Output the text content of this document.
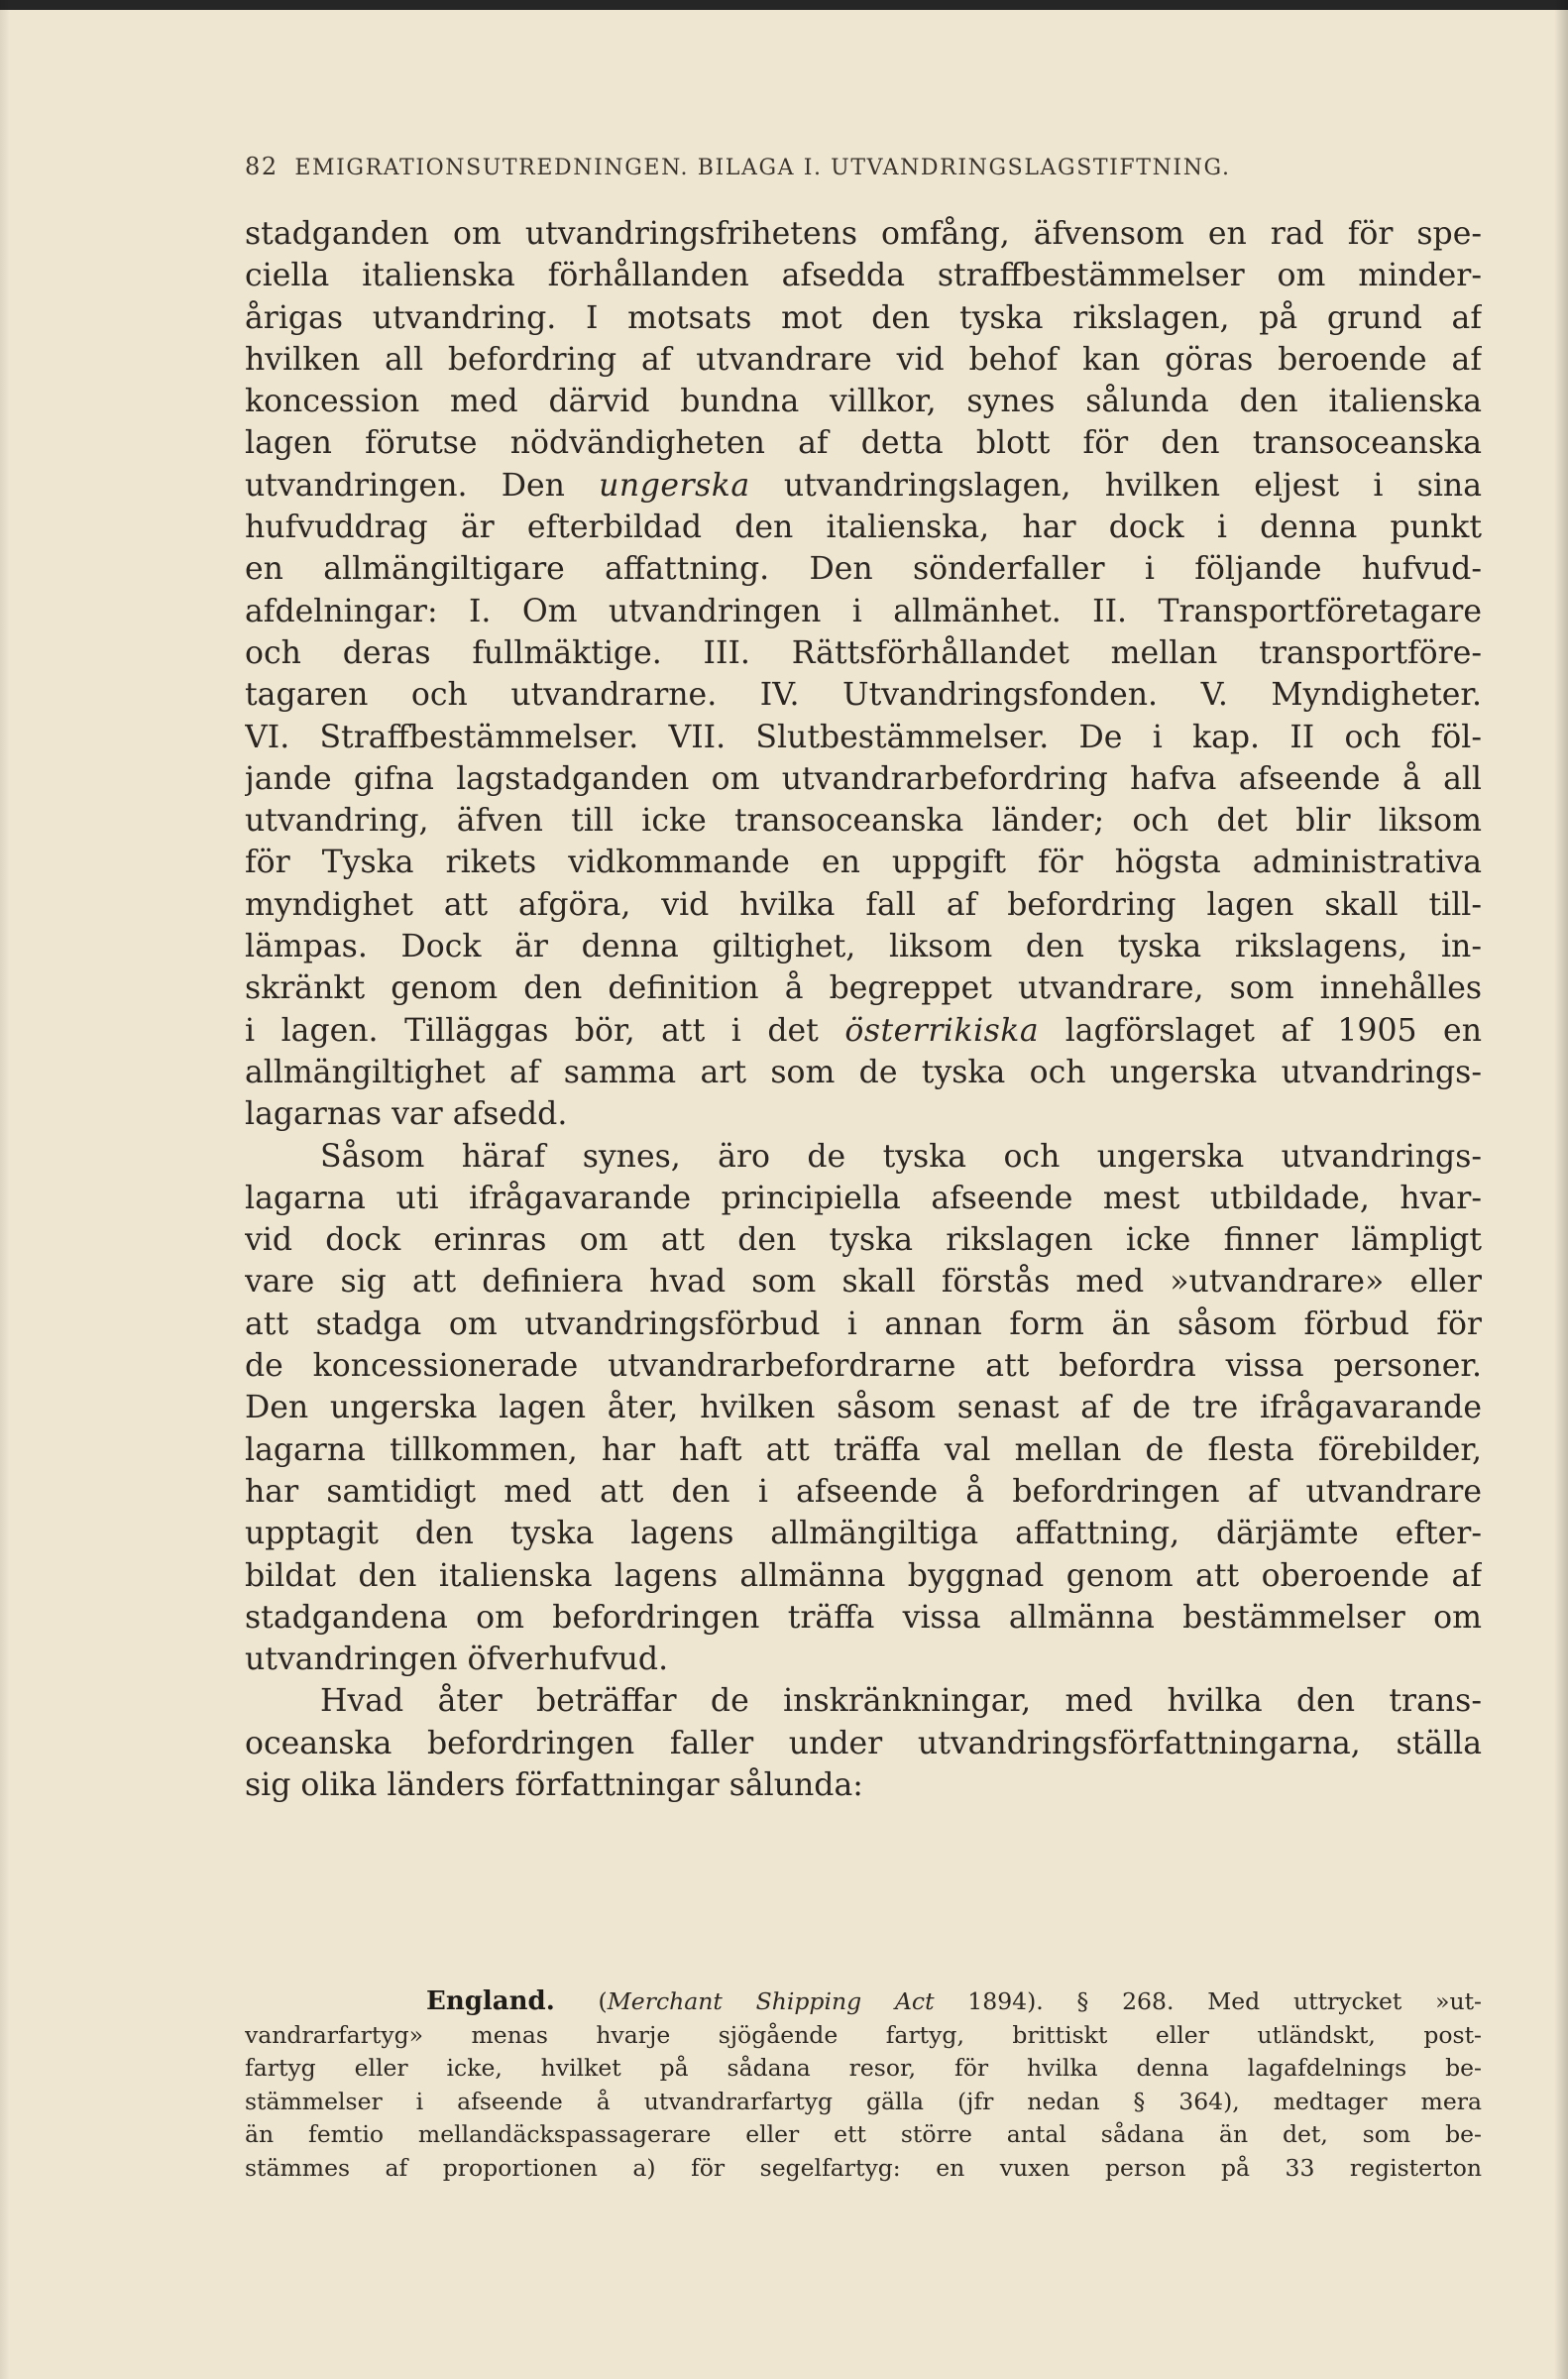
82 EMIGRATIONSUTREDNINGEN. BILAGA I. UTVANDRINGSLAGSTIFTNING.
stadganden om utvandringsfrihetens omfång, äfvensom en rad för spe-
ciella italienska förhållanden afsedda straffbestämmelser om minder-
årigas utvandring. I motsats mot den tyska rikslagen, på grund af
hvilken all befordring af utvandrare vid behof kan göras beroende af
koncession med därvid bundna villkor, synes sålunda den italienska
lagen förutse nödvändigheten af detta blott för den transoceanska
utvandringen. Den ungerska utvandringslagen, hvilken eljest i sina
hufvuddrag är efterbildad den italienska, har dock i denna punkt
en allmängiltigare affattning. Den sönderfaller i följande hufvud-
afdelningar: I. Om utvandringen i allmänhet. II. Transportföretagare
och deras fullmäktige. III. Rättsförhållandet mellan transportföre-
tagaren och utvandrarne. IV. Utvandringsfonden. V. Myndigheter.
VI. Straffbestämmelser. VII. Slutbestämmelser. De i kap. II och föl-
jande gifna lagstadganden om utvandrarbefordring hafva afseende å all
utvandring, äfven till icke transoceanska länder; och det blir liksom
för Tyska rikets vidkommande en uppgift för högsta administrativa
myndighet att afgöra, vid hvilka fall af befordring lagen skall till-
lämpas. Dock är denna giltighet, liksom den tyska rikslagens, in-
skränkt genom den definition å begreppet utvandrare, som innehålles
i lagen. Tilläggas bör, att i det österrikiska lagförslaget af 1905 en
allmängiltighet af samma art som de tyska och ungerska utvandrings-
lagarnas var afsedd.
Såsom häraf synes, äro de tyska och ungerska utvandrings-
lagarna uti ifrågavarande principiella afseende mest utbildade, hvar-
vid dock erinras om att den tyska rikslagen icke finner lämpligt
vare sig att definiera hvad som skall förstås med »utvandrare» eller
att stadga om utvandringsförbud i annan form än såsom förbud för
de koncessionerade utvandrarbefordrarne att befordra vissa personer.
Den ungerska lagen åter, hvilken såsom senast af de tre ifrågavarande
lagarna tillkommen, har haft att träffa val mellan de flesta förebilder,
har samtidigt med att den i afseende å befordringen af utvandrare
upptagit den tyska lagens allmängiltiga affattning, därjämte efter-
bildat den italienska lagens allmänna byggnad genom att oberoende af
stadgandena om befordringen träffa vissa allmänna bestämmelser om
utvandringen öfverhufvud.
Hvad åter beträffar de inskränkningar, med hvilka den trans-
oceanska befordringen faller under utvandringsförfattningarna, ställa
sig olika länders författningar sålunda:
England. (Merchant Shipping Act 1894). § 268. Med uttrycket »ut-
vandrarfartyg» menas hvarje sjögående fartyg, brittiskt eller utländskt, post-
fartyg eller icke, hvilket på sådana resor, för hvilka denna lagafdelnings be-
stämmelser i afseende å utvandrarfartyg gälla (jfr nedan § 364), medtager mera
än femtio mellandäckspassagerare eller ett större antal sådana än det, som be-
stämmes af proportionen a) för segelfartyg: en vuxen person på 33 registerton
